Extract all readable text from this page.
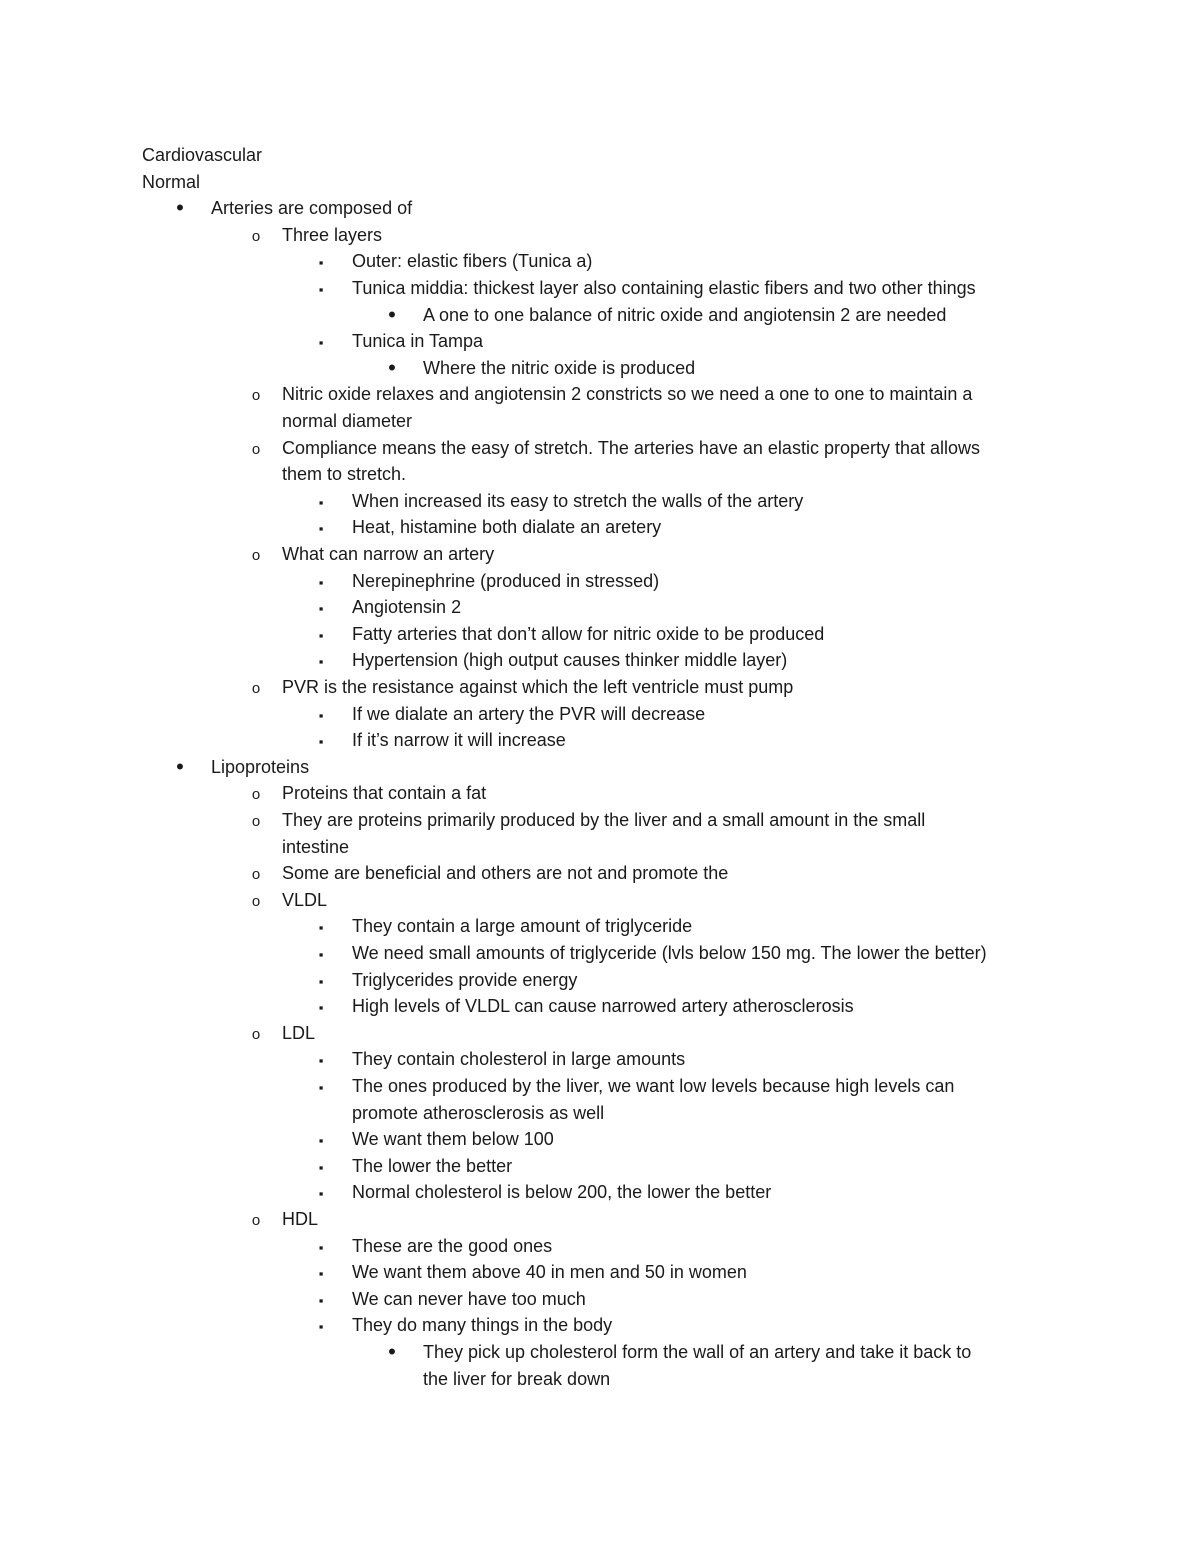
Cardiovascular
Normal
•
Arteries are composed of
o
Three layers
▪
Outer: elastic fibers (Tunica a)
▪
Tunica middia: thickest layer also containing elastic fibers and two other things
•
A one to one balance of nitric oxide and angiotensin 2 are needed
▪
Tunica in Tampa
•
Where the nitric oxide is produced
o
Nitric oxide relaxes and angiotensin 2 constricts so we need a one to one to maintain a
normal diameter
o
Compliance means the easy of stretch. The arteries have an elastic property that allows
them to stretch.
▪
When increased its easy to stretch the walls of the artery
▪
Heat, histamine both dialate an aretery
o
What can narrow an artery
▪
Nerepinephrine (produced in stressed)
▪
Angiotensin 2
▪
Fatty arteries that don’t allow for nitric oxide to be produced
▪
Hypertension (high output causes thinker middle layer)
o
PVR is the resistance against which the left ventricle must pump
▪
If we dialate an artery the PVR will decrease
▪
If it’s narrow it will increase
•
Lipoproteins
o
Proteins that contain a fat
o
They are proteins primarily produced by the liver and a small amount in the small
intestine
o
Some are beneficial and others are not and promote the
o
VLDL
▪
They contain a large amount of triglyceride
▪
We need small amounts of triglyceride (lvls below 150 mg. The lower the better)
▪
Triglycerides provide energy
▪
High levels of VLDL can cause narrowed artery atherosclerosis
o
LDL
▪
They contain cholesterol in large amounts
▪
The ones produced by the liver, we want low levels because high levels can
promote atherosclerosis as well
▪
We want them below 100
▪
The lower the better
▪
Normal cholesterol is below 200, the lower the better
o
HDL
▪
These are the good ones
▪
We want them above 40 in men and 50 in women
▪
We can never have too much
▪
They do many things in the body
•
They pick up cholesterol form the wall of an artery and take it back to
the liver for break down
